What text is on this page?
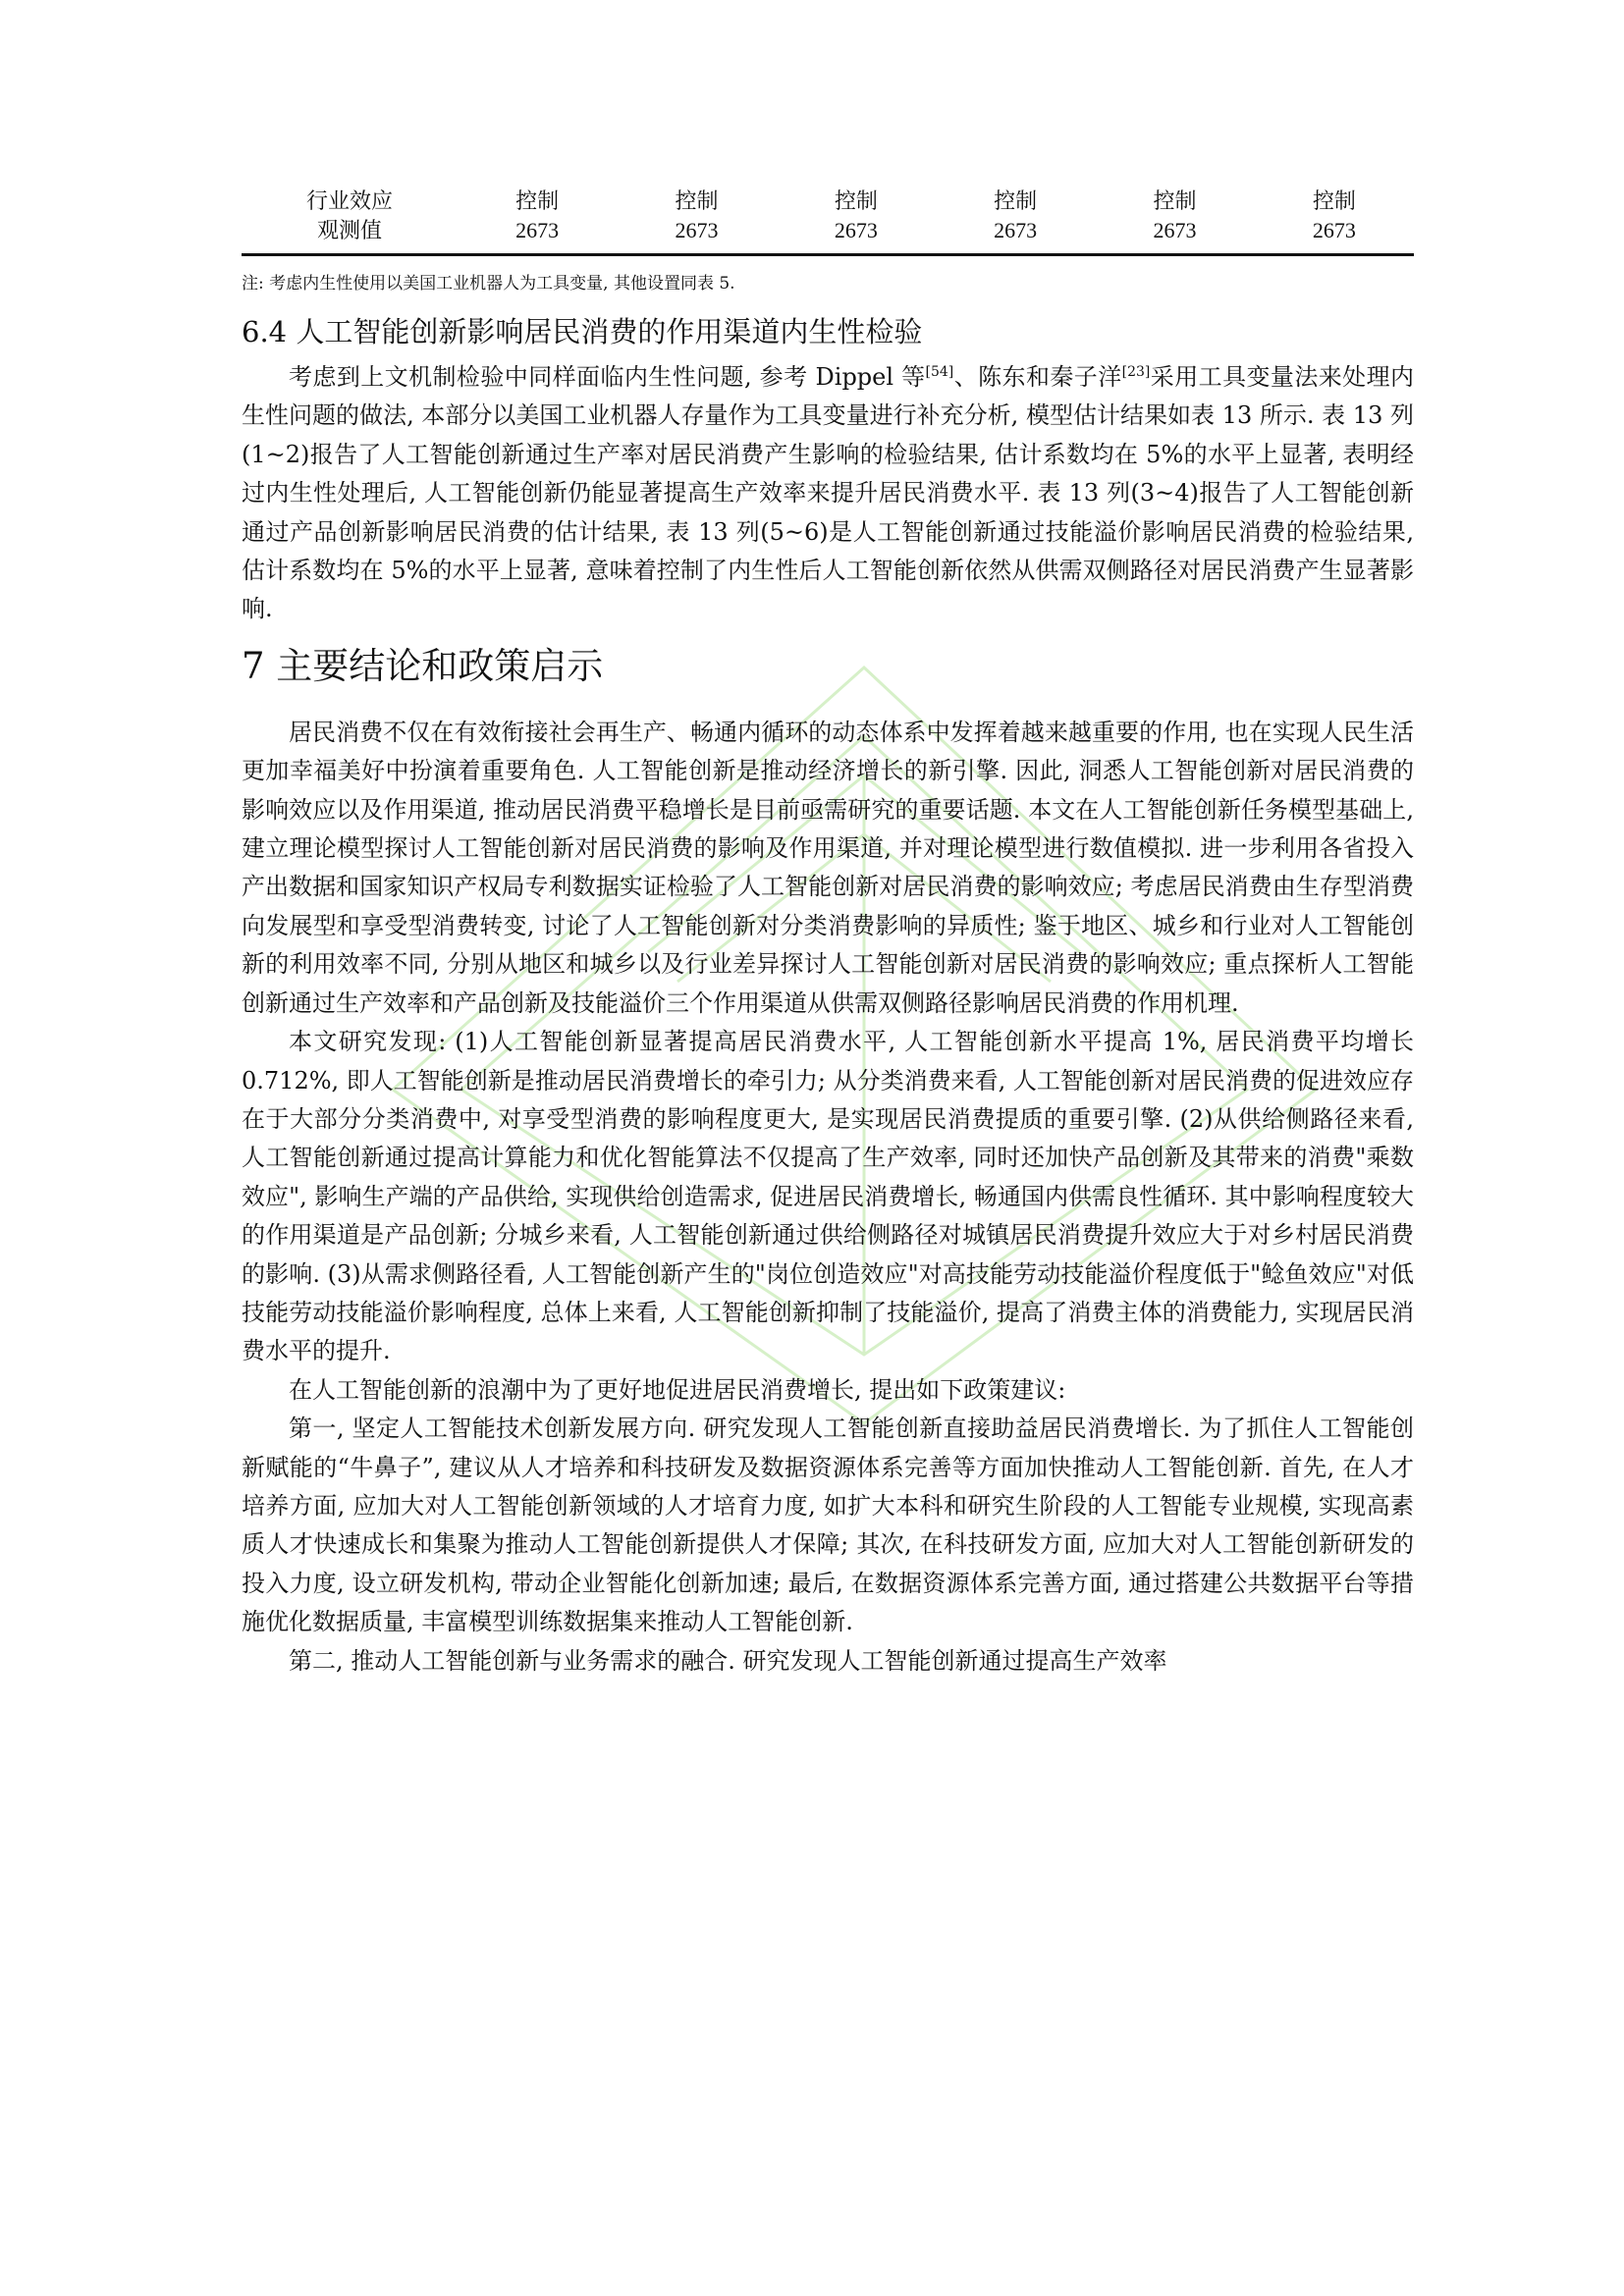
行业效应	控制	控制	控制	控制	控制	控制
观测值	2673	2673	2673	2673	2673	2673
注: 考虑内生性使用以美国工业机器人为工具变量, 其他设置同表 5.
6.4 人工智能创新影响居民消费的作用渠道内生性检验

考虑到上文机制检验中同样面临内生性问题, 参考 Dippel 等[54]、陈东和秦子洋[23]采用工具变量法来处理内生性问题的做法, 本部分以美国工业机器人存量作为工具变量进行补充分析, 模型估计结果如表 13 所示. 表 13 列(1~2)报告了人工智能创新通过生产率对居民消费产生影响的检验结果, 估计系数均在 5%的水平上显著, 表明经过内生性处理后, 人工智能创新仍能显著提高生产效率来提升居民消费水平. 表 13 列(3~4)报告了人工智能创新通过产品创新影响居民消费的估计结果, 表 13 列(5~6)是人工智能创新通过技能溢价影响居民消费的检验结果, 估计系数均在 5%的水平上显著, 意味着控制了内生性后人工智能创新依然从供需双侧路径对居民消费产生显著影响.

7 主要结论和政策启示

居民消费不仅在有效衔接社会再生产、畅通内循环的动态体系中发挥着越来越重要的作用, 也在实现人民生活更加幸福美好中扮演着重要角色. 人工智能创新是推动经济增长的新引擎. 因此, 洞悉人工智能创新对居民消费的影响效应以及作用渠道, 推动居民消费平稳增长是目前亟需研究的重要话题. 本文在人工智能创新任务模型基础上, 建立理论模型探讨人工智能创新对居民消费的影响及作用渠道, 并对理论模型进行数值模拟. 进一步利用各省投入产出数据和国家知识产权局专利数据实证检验了人工智能创新对居民消费的影响效应; 考虑居民消费由生存型消费向发展型和享受型消费转变, 讨论了人工智能创新对分类消费影响的异质性; 鉴于地区、城乡和行业对人工智能创新的利用效率不同, 分别从地区和城乡以及行业差异探讨人工智能创新对居民消费的影响效应; 重点探析人工智能创新通过生产效率和产品创新及技能溢价三个作用渠道从供需双侧路径影响居民消费的作用机理.

本文研究发现: (1)人工智能创新显著提高居民消费水平, 人工智能创新水平提高 1%, 居民消费平均增长 0.712%, 即人工智能创新是推动居民消费增长的牵引力; 从分类消费来看, 人工智能创新对居民消费的促进效应存在于大部分分类消费中, 对享受型消费的影响程度更大, 是实现居民消费提质的重要引擎. (2)从供给侧路径来看, 人工智能创新通过提高计算能力和优化智能算法不仅提高了生产效率, 同时还加快产品创新及其带来的消费"乘数效应", 影响生产端的产品供给, 实现供给创造需求, 促进居民消费增长, 畅通国内供需良性循环. 其中影响程度较大的作用渠道是产品创新; 分城乡来看, 人工智能创新通过供给侧路径对城镇居民消费提升效应大于对乡村居民消费的影响. (3)从需求侧路径看, 人工智能创新产生的"岗位创造效应"对高技能劳动技能溢价程度低于"鲶鱼效应"对低技能劳动技能溢价影响程度, 总体上来看, 人工智能创新抑制了技能溢价, 提高了消费主体的消费能力, 实现居民消费水平的提升.

在人工智能创新的浪潮中为了更好地促进居民消费增长, 提出如下政策建议:

第一, 坚定人工智能技术创新发展方向. 研究发现人工智能创新直接助益居民消费增长. 为了抓住人工智能创新赋能的“牛鼻子”, 建议从人才培养和科技研发及数据资源体系完善等方面加快推动人工智能创新. 首先, 在人才培养方面, 应加大对人工智能创新领域的人才培育力度, 如扩大本科和研究生阶段的人工智能专业规模, 实现高素质人才快速成长和集聚为推动人工智能创新提供人才保障; 其次, 在科技研发方面, 应加大对人工智能创新研发的投入力度, 设立研发机构, 带动企业智能化创新加速; 最后, 在数据资源体系完善方面, 通过搭建公共数据平台等措施优化数据质量, 丰富模型训练数据集来推动人工智能创新.

第二, 推动人工智能创新与业务需求的融合. 研究发现人工智能创新通过提高生产效率
